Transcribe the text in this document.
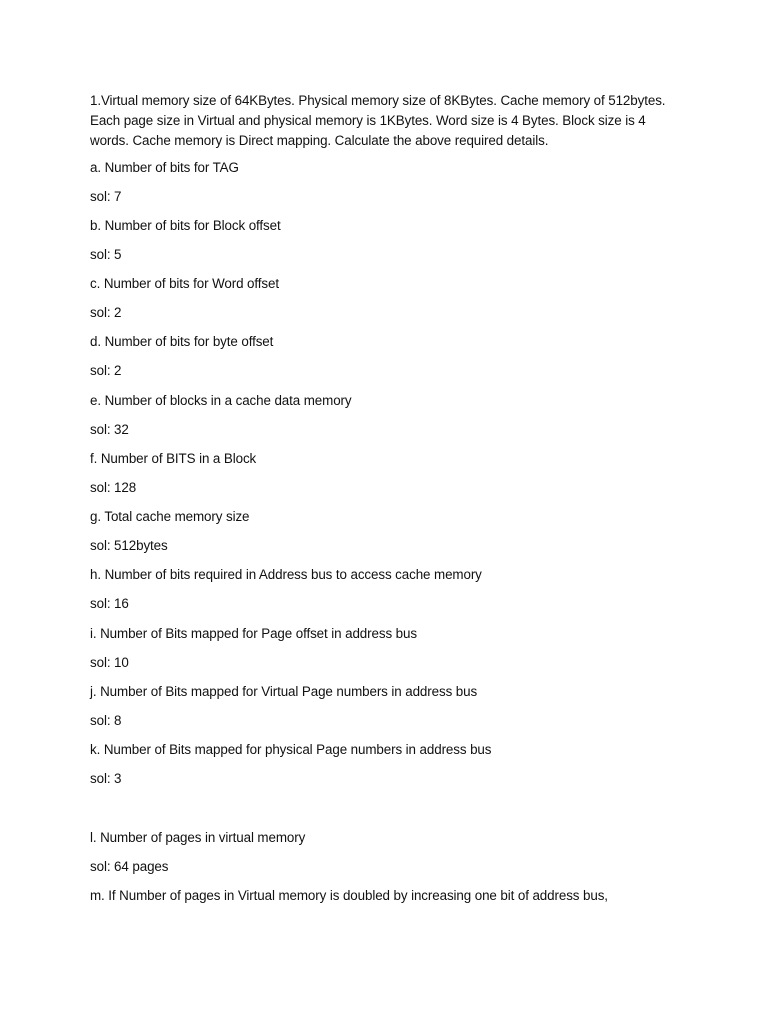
1.Virtual memory size of 64KBytes. Physical memory size of 8KBytes. Cache memory of 512bytes. Each page size in Virtual and physical memory is 1KBytes. Word size is 4 Bytes. Block size is 4 words. Cache memory is Direct mapping. Calculate the above required details.
a. Number of bits for TAG
sol: 7
b. Number of bits for Block offset
sol: 5
c. Number of bits for Word offset
sol: 2
d. Number of bits for byte offset
sol: 2
e. Number of blocks in a cache data memory
sol: 32
f. Number of BITS in a Block
sol: 128
g. Total cache memory size
sol: 512bytes
h. Number of bits required in Address bus to access cache memory
sol: 16
i. Number of Bits mapped for Page offset in address bus
sol: 10
j. Number of Bits mapped for Virtual Page numbers in address bus
sol: 8
k. Number of Bits mapped for physical Page numbers in address bus
sol: 3
l. Number of pages in virtual memory
sol: 64 pages
m. If Number of pages in Virtual memory is doubled by increasing one bit of address bus,
